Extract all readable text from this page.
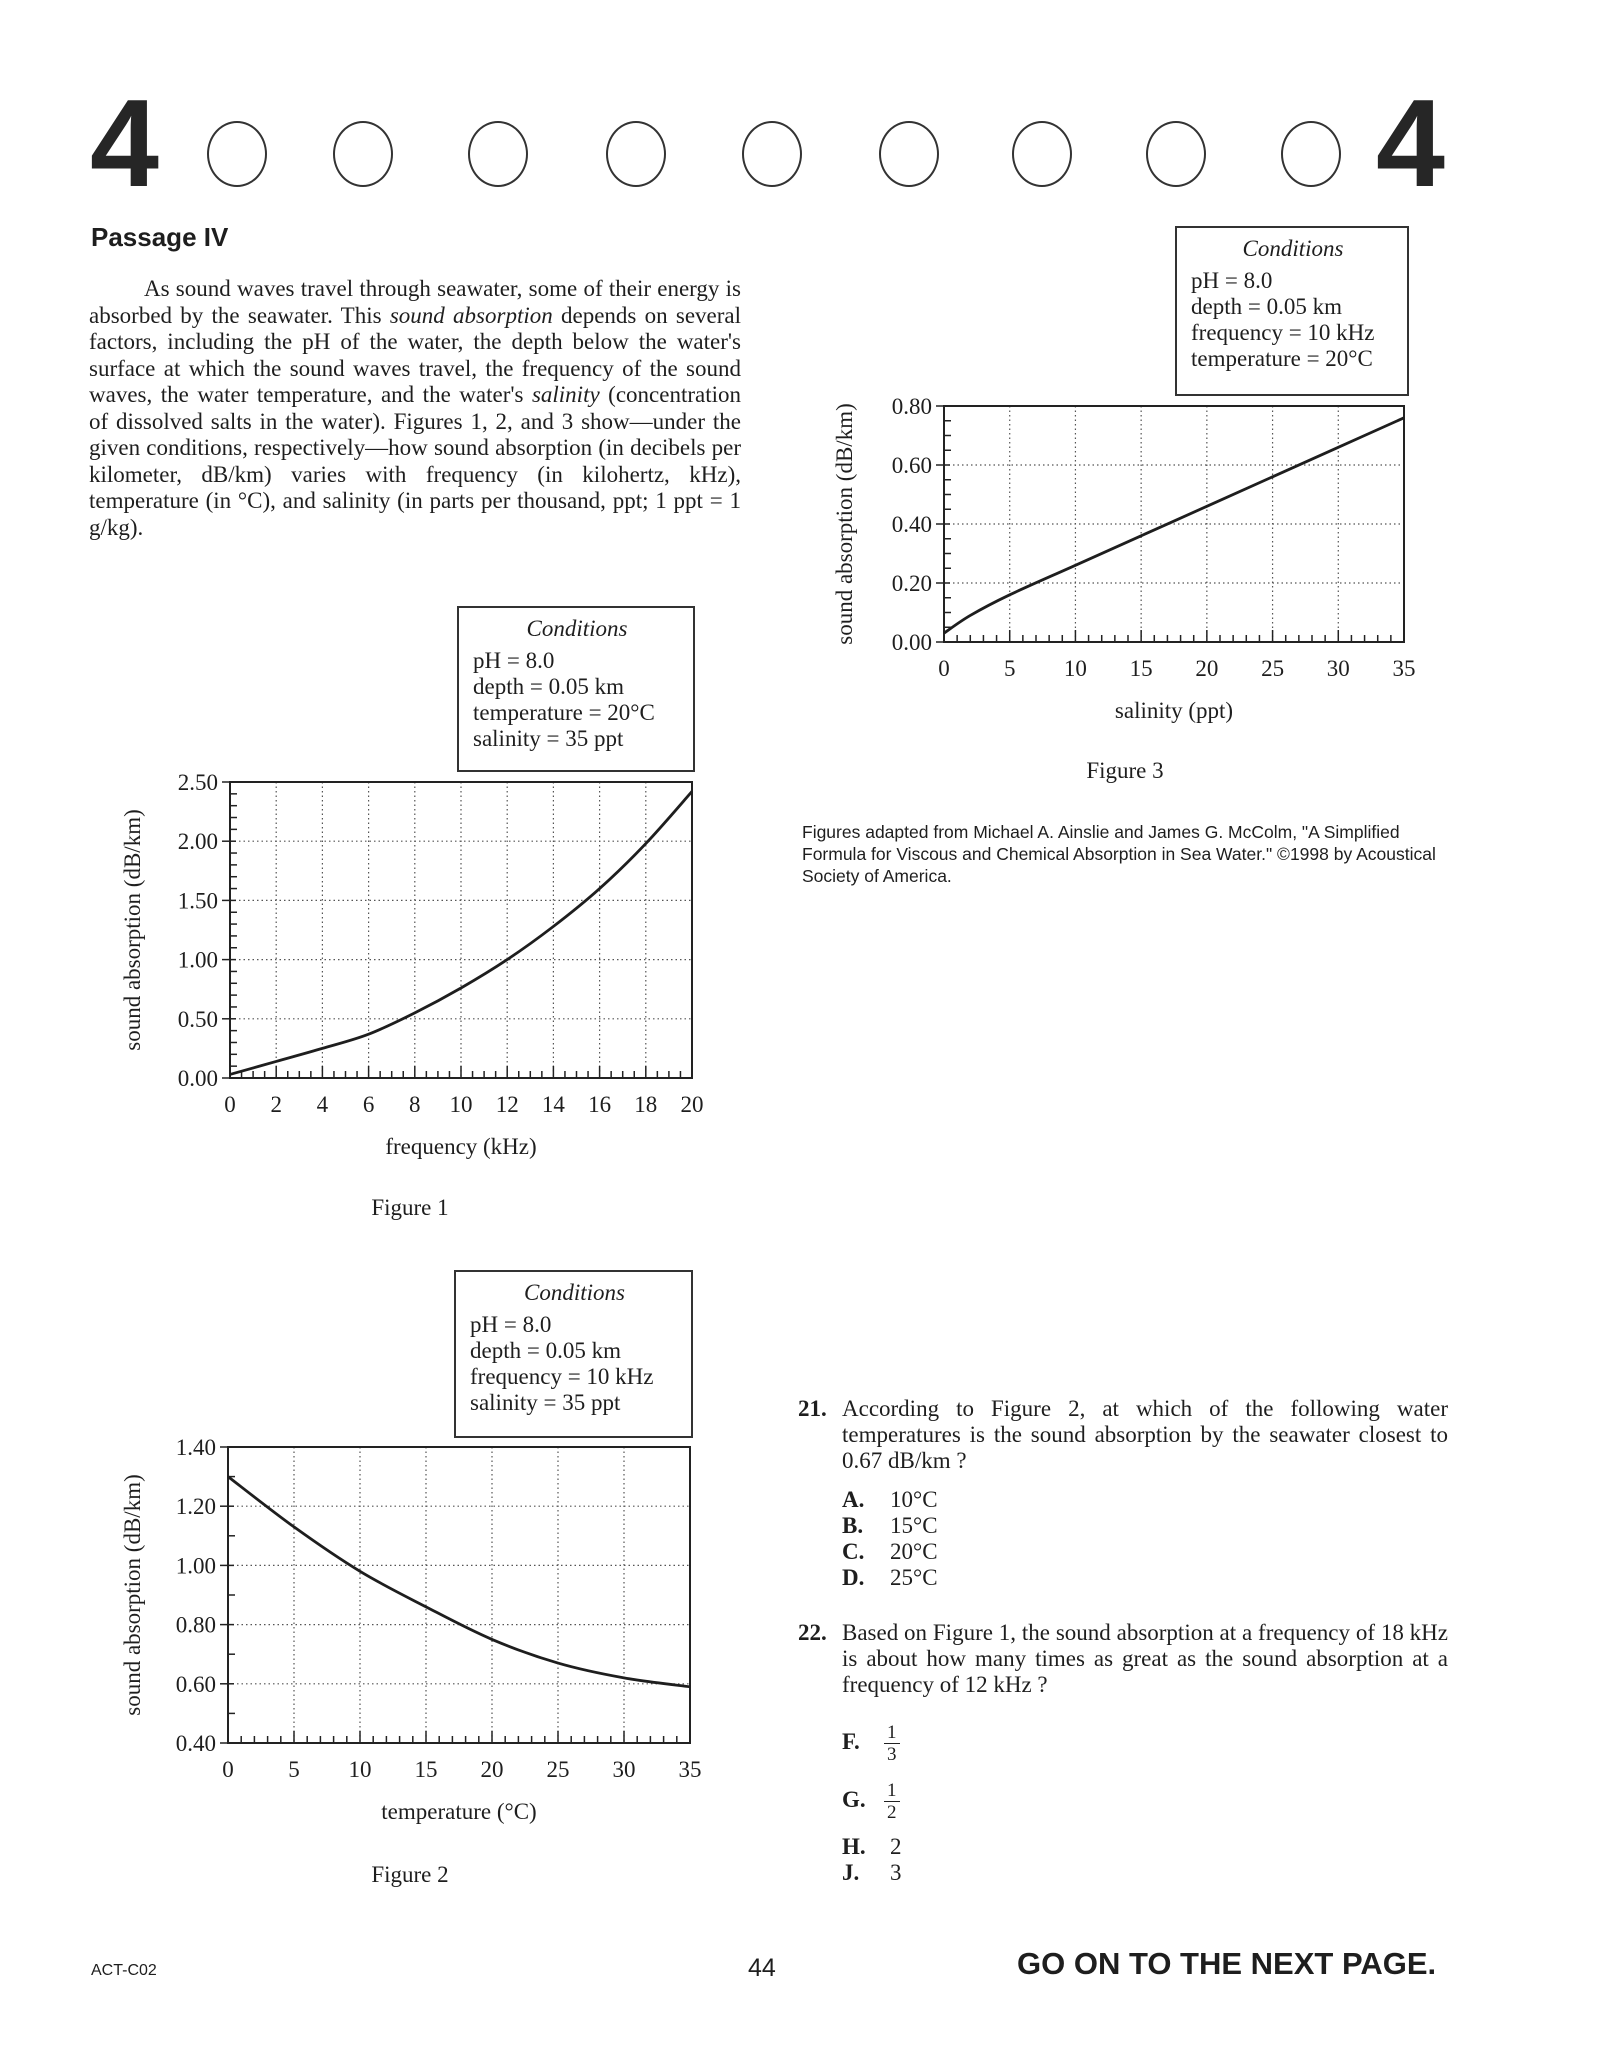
4	4
Passage IV
As sound waves travel through seawater, some of their energy is absorbed by the seawater. This sound absorption depends on several factors, including the pH of the water, the depth below the water's surface at which the sound waves travel, the frequency of the sound waves, the water temperature, and the water's salinity (concentration of dissolved salts in the water). Figures 1, 2, and 3 show—under the given conditions, respectively—how sound absorption (in decibels per kilometer, dB/km) varies with frequency (in kilohertz, kHz), temperature (in °C), and salinity (in parts per thousand, ppt; 1 ppt = 1 g/kg).
Conditions
pH = 8.0
depth = 0.05 km
temperature = 20°C
salinity = 35 ppt
0 2 4 6 8 10 12 14 16 18 20
0.00
0.50
1.00
1.50
2.00
2.50
frequency (kHz)
sound absorption (dB/km)
Figure 1
Conditions
pH = 8.0
depth = 0.05 km
frequency = 10 kHz
salinity = 35 ppt
0 5 10 15 20 25 30 35
0.40
0.60
0.80
1.00
1.20
1.40
temperature (°C)
sound absorption (dB/km)
Figure 2
Conditions
pH = 8.0
depth = 0.05 km
frequency = 10 kHz
temperature = 20°C
0 5 10 15 20 25 30 35
0.00
0.20
0.40
0.60
0.80
salinity (ppt)
sound absorption (dB/km)
Figure 3
Figures adapted from Michael A. Ainslie and James G. McColm, "A Simplified Formula for Viscous and Chemical Absorption in Sea Water." ©1998 by Acoustical Society of America.
21. According to Figure 2, at which of the following water temperatures is the sound absorption by the seawater closest to 0.67 dB/km ?
A. 10°C
B. 15°C
C. 20°C
D. 25°C
22. Based on Figure 1, the sound absorption at a frequency of 18 kHz is about how many times as great as the sound absorption at a frequency of 12 kHz ?
F. $\frac{1}{3}$
G. $\frac{1}{2}$
H. 2
J. 3
ACT-C02	44	GO ON TO THE NEXT PAGE.
